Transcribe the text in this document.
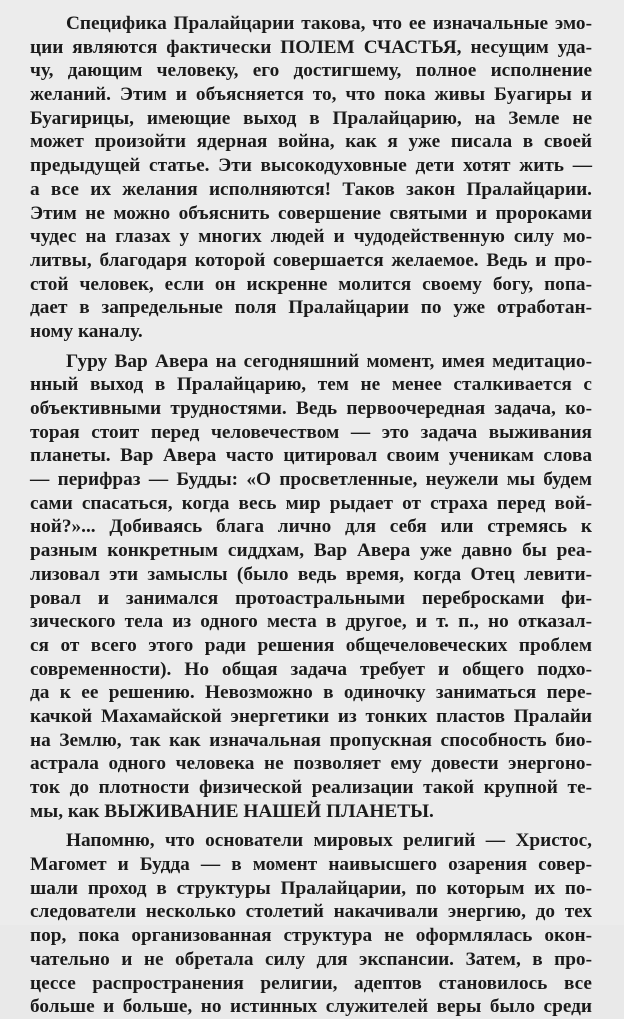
Специфика Пралайцарии такова, что ее изначальные эмо-
ции являются фактически ПОЛЕМ СЧАСТЬЯ, несущим уда-
чу, дающим человеку, его достигшему, полное исполнение
желаний. Этим и объясняется то, что пока живы Бyагиры и
Буагирицы, имеющие выход в Пралайцарию, на Земле не
может произойти ядерная война, как я уже писала в своей
предыдущей статье. Эти высокодуховные дети хотят жить —
а все их желания исполняются! Таков закон Пралайцарии.
Этим не можно объяснить совершение святыми и пророками
чудес на глазах у многих людей и чудодейственную силу мо-
литвы, благодаря которой совершается желаемое. Ведь и про-
стой человек, если он искренне молится своему богу, попа-
дает в запредельные поля Пралайцарии по уже отработан-
ному каналу.

Гуру Вар Авера на сегодняшний момент, имея медитацио-
нный выход в Пралайцарию, тем не менее сталкивается с
объективными трудностями. Ведь первоочередная задача, ко-
торая стоит перед человечеством — это задача выживания
планеты. Вар Авера часто цитировал своим ученикам слова
— перифраз — Будды: «О просветленные, неужели мы будем
сами спасаться, когда весь мир рыдает от страха перед вой-
ной?»... Добиваясь блага лично для себя или стремясь к
разным конкретным сиддхам, Вар Авера уже давно бы реа-
лизовал эти замыслы (было ведь время, когда Отец левити-
ровал и занимался протоастральными переброcками фи-
зического тела из одного места в другое, и т. п., но отказал-
ся от всего этого ради решения общечеловеческих проблем
современности). Но общая задача требует и общего подхо-
да к ее решению. Невозможно в одиночку заниматься пере-
качкой Махамайской энергетики из тонких пластов Пралайи
на Землю, так как изначальная пропускная способность био-
астрала одного человека не позволяет ему довести энергоно-
ток до плотности физической реализации такой крупной те-
мы, как ВЫЖИВАНИЕ НАШЕЙ ПЛАНЕТЫ.

Напомню, что основатели мировых религий — Христос,
Магомет и Будда — в момент наивысшего озарения совер-
шали проход в структуры Пралайцарии, по которым их по-
следователи несколько столетий накачивали энергию, до тех
пор, пока организованная структура не оформлялась окон-
чательно и не обретала силу для экспансии. Затем, в про-
цессе распространения религии, адептов становилось все
больше и больше, но истинных служителей веры было среди
